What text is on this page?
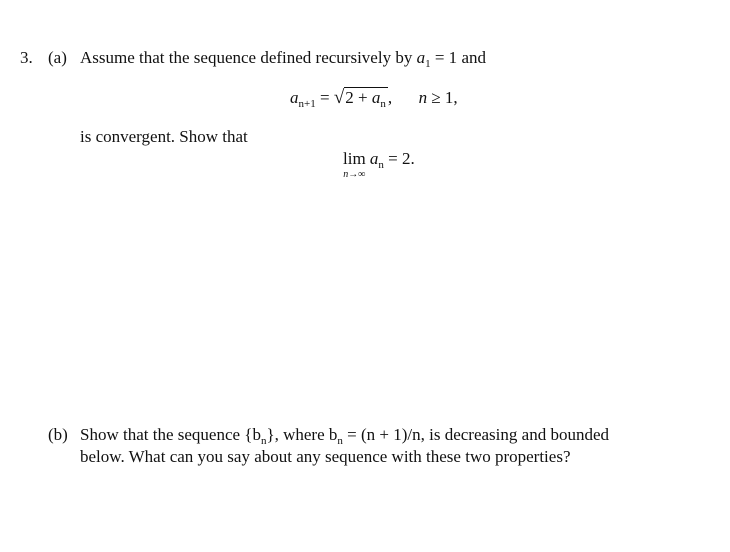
3. (a) Assume that the sequence defined recursively by $a_1 = 1$ and
$a_{n+1} = √2 + a_n$ , n ≥ 1,
is convergent. Show that
lim
n→∞
$a_n = 2$.
(b) Show that the sequence $\{b_n\}$, where $b_n = (n + 1)/n$, is decreasing and bounded
below. What can you say about any sequence with these two properties?
